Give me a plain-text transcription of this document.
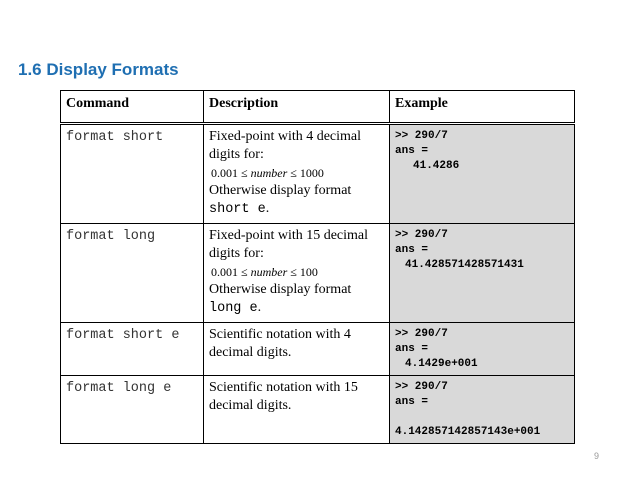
1.6 Display Formats
Command	Description	Example
format short	Fixed-point with 4 decimal digits for:
0.001 ≤ number ≤ 1000
Otherwise display format short e.	>> 290/7
ans =
41.4286

format long	Fixed-point with 15 decimal digits for:
0.001 ≤ number ≤ 100
Otherwise display format long e.	>> 290/7
ans =
41.428571428571431

format short e	Scientific notation with 4 decimal digits.	>> 290/7
ans =
4.1429e+001

format long e	Scientific notation with 15 decimal digits.	>> 290/7
ans =
4.142857142857143e+001
9
